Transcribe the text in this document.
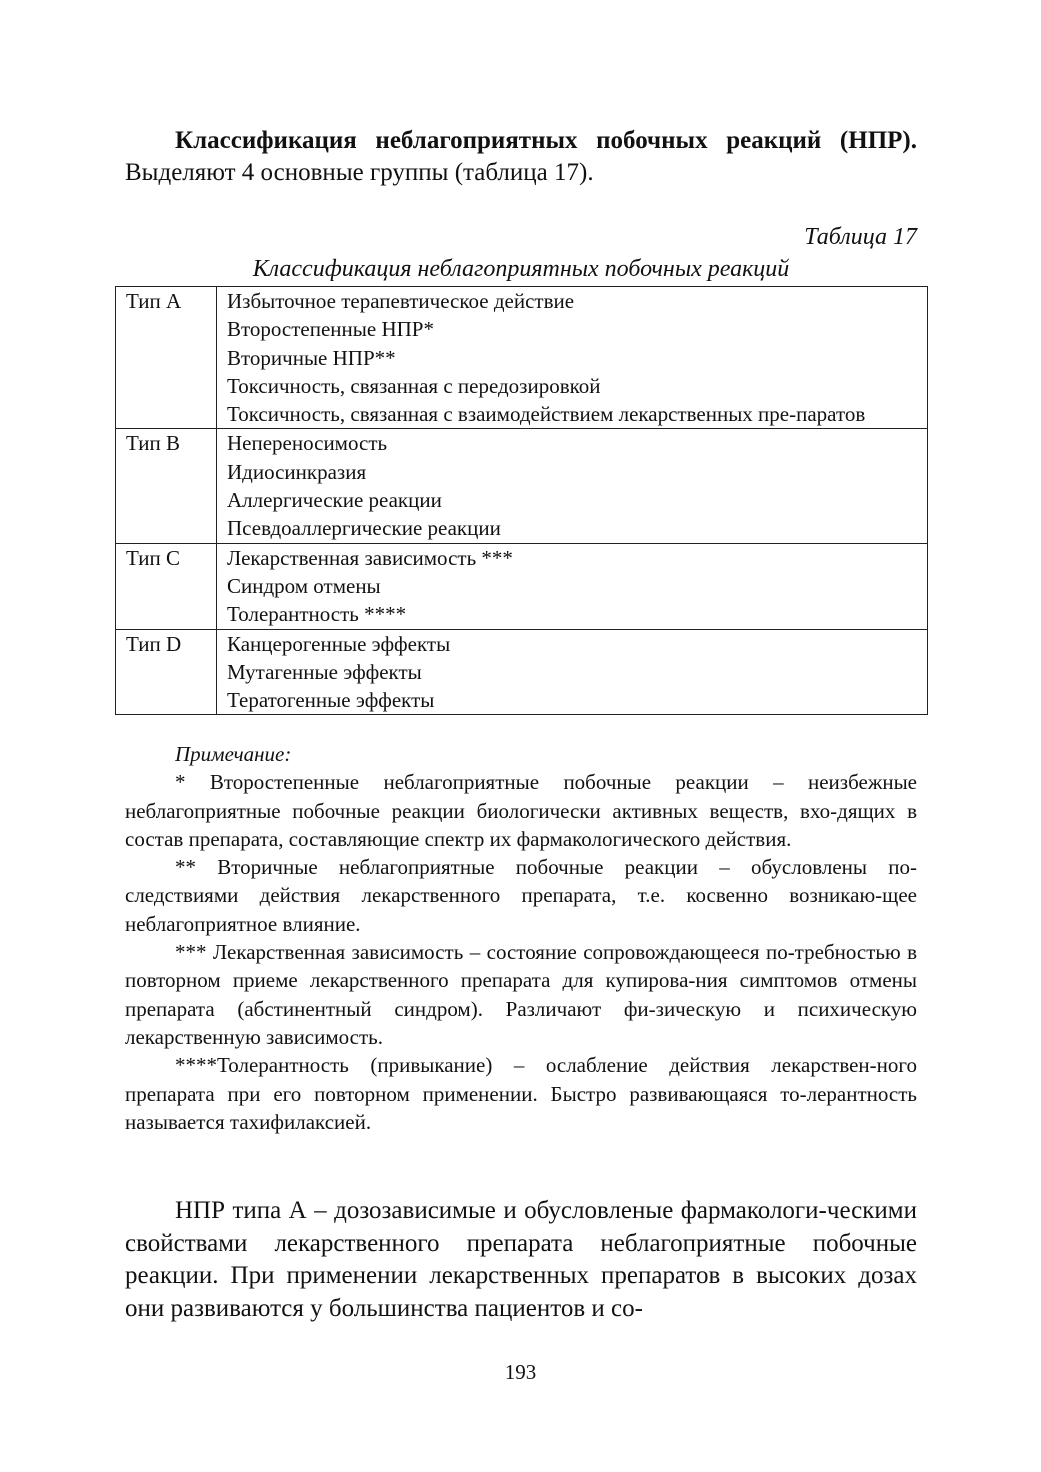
Классификация неблагоприятных побочных реакций (НПР). Выделяют 4 основные группы (таблица 17).

Таблица 17
Классификация неблагоприятных побочных реакций
Тип А	Избыточное терапевтическое действие
Второстепенные НПР*
Вторичные НПР**
Токсичность, связанная с передозировкой
Токсичность, связанная с взаимодействием лекарственных пре-паратов

Тип В	Непереносимость
Идиосинкразия
Аллергические реакции
Псевдоаллергические реакции

Тип С	Лекарственная зависимость ***
Синдром отмены
Толерантность ****

Тип D	Канцерогенные эффекты
Мутагенные эффекты
Тератогенные эффекты

Примечание:

* Второстепенные неблагоприятные побочные реакции – неизбежные неблагоприятные побочные реакции биологически активных веществ, вхо-дящих в состав препарата, составляющие спектр их фармакологического действия.

** Вторичные неблагоприятные побочные реакции – обусловлены по-следствиями действия лекарственного препарата, т.е. косвенно возникаю-щее неблагоприятное влияние.

*** Лекарственная зависимость – состояние сопровождающееся по-требностью в повторном приеме лекарственного препарата для купирова-ния симптомов отмены препарата (абстинентный синдром). Различают фи-зическую и психическую лекарственную зависимость.

****Толерантность (привыкание) – ослабление действия лекарствен-ного препарата при его повторном применении. Быстро развивающаяся то-лерантность называется тахифилаксией.

НПР типа А – дозозависимые и обусловленые фармакологи-ческими свойствами лекарственного препарата неблагоприятные побочные реакции. При применении лекарственных препаратов в высоких дозах они развиваются у большинства пациентов и со-

193
